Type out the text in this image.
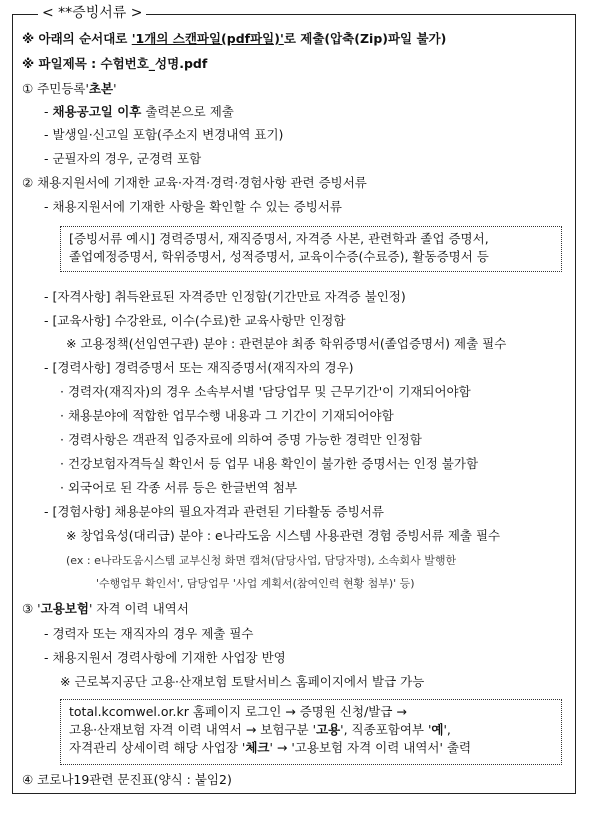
< **증빙서류 >
※ 아래의 순서대로 '1개의 스캔파일(pdf파일)'로 제출(압축(Zip)파일 불가)
※ 파일제목 : 수험번호_성명.pdf
① 주민등록'초본'
- 채용공고일 이후 출력본으로 제출
- 발생일·신고일 포함(주소지 변경내역 표기)
- 군필자의 경우, 군경력 포함
② 채용지원서에 기재한 교육·자격·경력·경험사항 관련 증빙서류
- 채용지원서에 기재한 사항을 확인할 수 있는 증빙서류
[증빙서류 예시] 경력증명서, 재직증명서, 자격증 사본, 관련학과 졸업 증명서,
졸업예정증명서, 학위증명서, 성적증명서, 교육이수증(수료증), 활동증명서 등
- [자격사항] 취득완료된 자격증만 인정함(기간만료 자격증 불인정)
- [교육사항] 수강완료, 이수(수료)한 교육사항만 인정함
※ 고용정책(선임연구관) 분야 : 관련분야 최종 학위증명서(졸업증명서) 제출 필수
- [경력사항] 경력증명서 또는 재직증명서(재직자의 경우)
· 경력자(재직자)의 경우 소속부서별 '담당업무 및 근무기간'이 기재되어야함
· 채용분야에 적합한 업무수행 내용과 그 기간이 기재되어야함
· 경력사항은 객관적 입증자료에 의하여 증명 가능한 경력만 인정함
· 건강보험자격득실 확인서 등 업무 내용 확인이 불가한 증명서는 인정 불가함
· 외국어로 된 각종 서류 등은 한글번역 첨부
- [경험사항] 채용분야의 필요자격과 관련된 기타활동 증빙서류
※ 창업육성(대리급) 분야 : e나라도움 시스템 사용관련 경험 증빙서류 제출 필수
(ex : e나라도움시스템 교부신청 화면 캡쳐(담당사업, 담당자명), 소속회사 발행한
'수행업무 확인서', 담당업무 '사업 계획서(참여인력 현황 첨부)' 등)
③ '고용보험' 자격 이력 내역서
- 경력자 또는 재직자의 경우 제출 필수
- 채용지원서 경력사항에 기재한 사업장 반영
※ 근로복지공단 고용·산재보험 토탈서비스 홈페이지에서 발급 가능
total.kcomwel.or.kr 홈페이지 로그인 → 증명원 신청/발급 →
고용·산재보험 자격 이력 내역서 → 보험구분 '고용', 직종포함여부 '예',
자격관리 상세이력 해당 사업장 '체크' → '고용보험 자격 이력 내역서' 출력
④ 코로나19관련 문진표(양식 : 붙임2)
